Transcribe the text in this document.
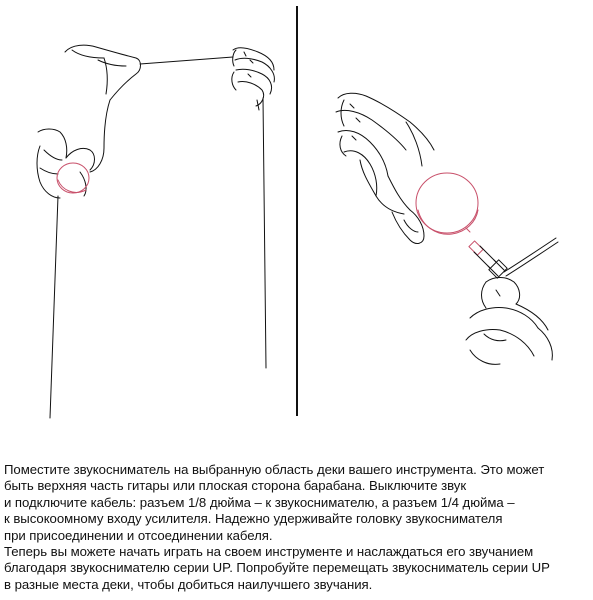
Поместите звукосниматель на выбранную область деки вашего инструмента. Это может
быть верхняя часть гитары или плоская сторона барабана. Выключите звук
и подключите кабель: разъем 1/8 дюйма – к звукоснимателю, а разъем 1/4 дюйма –
к высокоомному входу усилителя. Надежно удерживайте головку звукоснимателя
при присоединении и отсоединении кабеля.
Теперь вы можете начать играть на своем инструменте и наслаждаться его звучанием
благодаря звукоснимателю серии UP. Попробуйте перемещать звукосниматель серии UP
в разные места деки, чтобы добиться наилучшего звучания.
